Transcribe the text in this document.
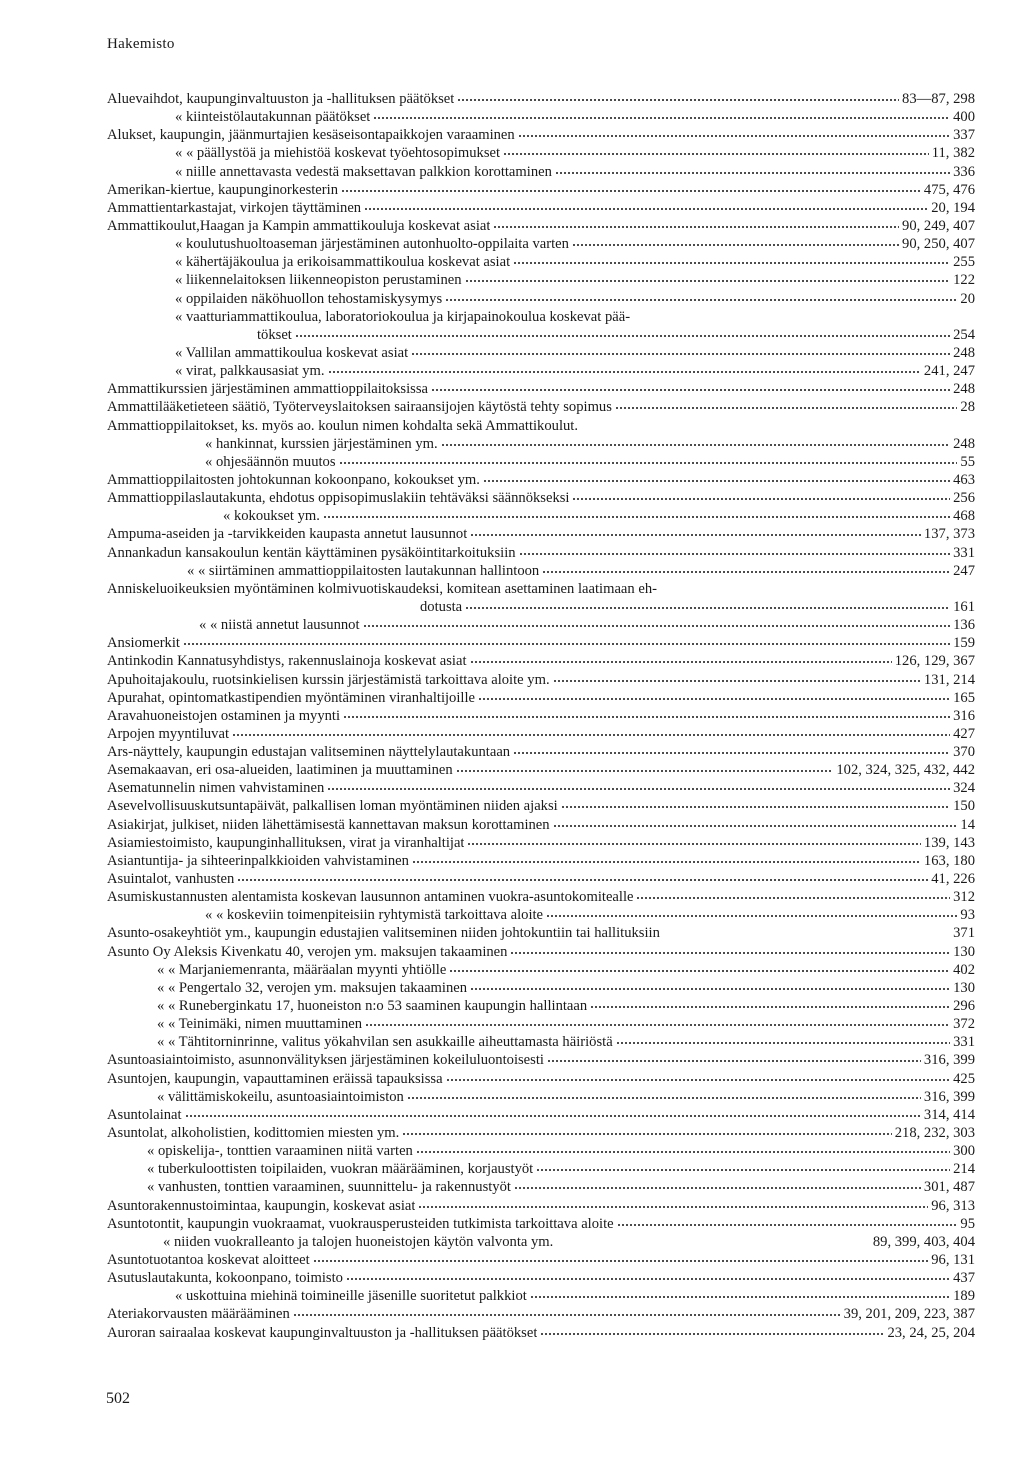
Hakemisto
Aluevaihdot, kaupunginvaltuuston ja -hallituksen päätökset	83—87, 298
« kiinteistölautakunnan päätökset	400
Alukset, kaupungin, jäänmurtajien kesäseisontapaikkojen varaaminen	337
« « päällystöä ja miehistöä koskevat työehtosopimukset	11, 382
« niille annettavasta vedestä maksettavan palkkion korottaminen	336
Amerikan-kiertue, kaupunginorkesterin	475, 476
Ammattientarkastajat, virkojen täyttäminen	20, 194
Ammattikoulut,Haagan ja Kampin ammattikouluja koskevat asiat	90, 249, 407
« koulutushuoltoaseman järjestäminen autonhuolto-oppilaita varten	90, 250, 407
« kähertäjäkoulua ja erikoisammattikoulua koskevat asiat	255
« liikennelaitoksen liikenneopiston perustaminen	122
« oppilaiden näköhuollon tehostamiskysymys	20
« vaatturiammattikoulua, laboratoriokoulua ja kirjapainokoulua koskevat pää-
tökset	254
« Vallilan ammattikoulua koskevat asiat	248
« virat, palkkausasiat ym.	241, 247
Ammattikurssien järjestäminen ammattioppilaitoksissa	248
Ammattilääketieteen säätiö, Työterveyslaitoksen sairaansijojen käytöstä tehty sopimus	28
Ammattioppilaitokset, ks. myös ao. koulun nimen kohdalta sekä Ammattikoulut.
« hankinnat, kurssien järjestäminen ym.	248
« ohjesäännön muutos	55
Ammattioppilaitosten johtokunnan kokoonpano, kokoukset ym.	463
Ammattioppilaslautakunta, ehdotus oppisopimuslakiin tehtäväksi säännökseksi	256
« kokoukset ym.	468
Ampuma-aseiden ja -tarvikkeiden kaupasta annetut lausunnot	137, 373
Annankadun kansakoulun kentän käyttäminen pysäköintitarkoituksiin	331
« « siirtäminen ammattioppilaitosten lautakunnan hallintoon	247
Anniskeluoikeuksien myöntäminen kolmivuotiskaudeksi, komitean asettaminen laatimaan eh-
dotusta	161
« « niistä annetut lausunnot	136
Ansiomerkit	159
Antinkodin Kannatusyhdistys, rakennuslainoja koskevat asiat	126, 129, 367
Apuhoitajakoulu, ruotsinkielisen kurssin järjestämistä tarkoittava aloite ym.	131, 214
Apurahat, opintomatkastipendien myöntäminen viranhaltijoille	165
Aravahuoneistojen ostaminen ja myynti	316
Arpojen myyntiluvat	427
Ars-näyttely, kaupungin edustajan valitseminen näyttelylautakuntaan	370
Asemakaavan, eri osa-alueiden, laatiminen ja muuttaminen	102, 324, 325, 432, 442
Asematunnelin nimen vahvistaminen	324
Asevelvollisuuskutsuntapäivät, palkallisen loman myöntäminen niiden ajaksi	150
Asiakirjat, julkiset, niiden lähettämisestä kannettavan maksun korottaminen	14
Asiamiestoimisto, kaupunginhallituksen, virat ja viranhaltijat	139, 143
Asiantuntija- ja sihteerinpalkkioiden vahvistaminen	163, 180
Asuintalot, vanhusten	41, 226
Asumiskustannusten alentamista koskevan lausunnon antaminen vuokra-asuntokomitealle	312
« « koskeviin toimenpiteisiin ryhtymistä tarkoittava aloite	93
Asunto-osakeyhtiöt ym., kaupungin edustajien valitseminen niiden johtokuntiin tai hallituksiin	371
Asunto Oy Aleksis Kivenkatu 40, verojen ym. maksujen takaaminen	130
« « Marjaniemenranta, määräalan myynti yhtiölle	402
« « Pengertalo 32, verojen ym. maksujen takaaminen	130
« « Runeberginkatu 17, huoneiston n:o 53 saaminen kaupungin hallintaan	296
« « Teinimäki, nimen muuttaminen	372
« « Tähtitorninrinne, valitus yökahvilan sen asukkaille aiheuttamasta häiriöstä	331
Asuntoasiaintoimisto, asunnonvälityksen järjestäminen kokeiluluontoisesti	316, 399
Asuntojen, kaupungin, vapauttaminen eräissä tapauksissa	425
« välittämiskokeilu, asuntoasiaintoimiston	316, 399
Asuntolainat	314, 414
Asuntolat, alkoholistien, kodittomien miesten ym.	218, 232, 303
« opiskelija-, tonttien varaaminen niitä varten	300
« tuberkuloottisten toipilaiden, vuokran määrääminen, korjaustyöt	214
« vanhusten, tonttien varaaminen, suunnittelu- ja rakennustyöt	301, 487
Asuntorakennustoimintaa, kaupungin, koskevat asiat	96, 313
Asuntotontit, kaupungin vuokraamat, vuokrausperusteiden tutkimista tarkoittava aloite	95
« niiden vuokralleanto ja talojen huoneistojen käytön valvonta ym.	89, 399, 403, 404
Asuntotuotantoa koskevat aloitteet	96, 131
Asutuslautakunta, kokoonpano, toimisto	437
« uskottuina miehinä toimineille jäsenille suoritetut palkkiot	189
Ateriakorvausten määrääminen	39, 201, 209, 223, 387
Auroran sairaalaa koskevat kaupunginvaltuuston ja -hallituksen päätökset	23, 24, 25, 204
502
